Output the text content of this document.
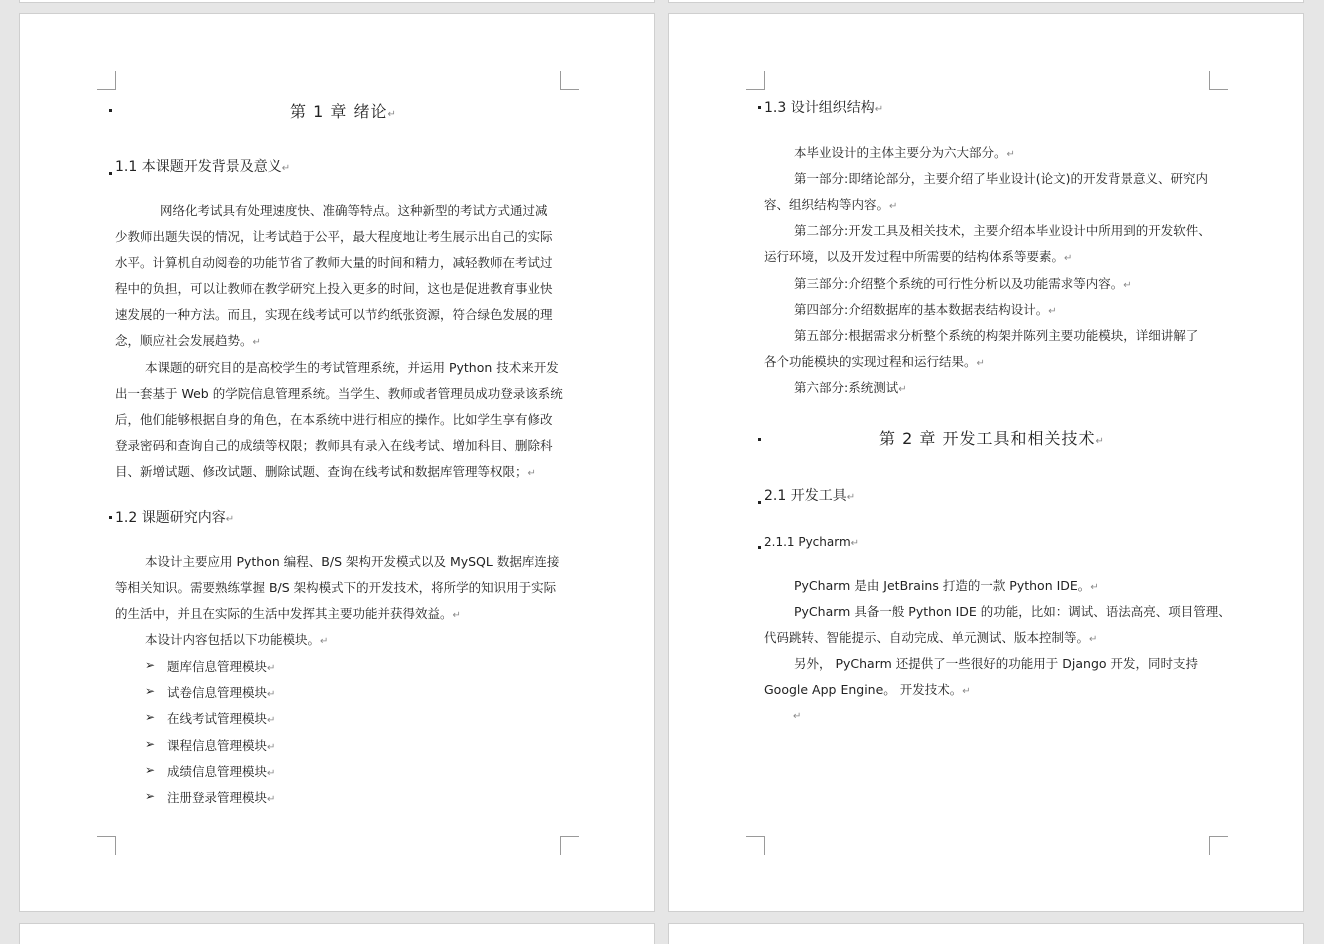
第 1 章 绪论↵
1.1 本课题开发背景及意义↵
网络化考试具有处理速度快、准确等特点。这种新型的考试方式通过减
少教师出题失误的情况，让考试趋于公平，最大程度地让考生展示出自己的实际
水平。计算机自动阅卷的功能节省了教师大量的时间和精力，减轻教师在考试过
程中的负担，可以让教师在教学研究上投入更多的时间，这也是促进教育事业快
速发展的一种方法。而且，实现在线考试可以节约纸张资源，符合绿色发展的理
念，顺应社会发展趋势。↵
本课题的研究目的是高校学生的考试管理系统，并运用 Python 技术来开发
出一套基于 Web 的学院信息管理系统。当学生、教师或者管理员成功登录该系统
后，他们能够根据自身的角色，在本系统中进行相应的操作。比如学生享有修改
登录密码和查询自己的成绩等权限；教师具有录入在线考试、增加科目、删除科
目、新增试题、修改试题、删除试题、查询在线考试和数据库管理等权限；↵
1.2 课题研究内容↵
本设计主要应用 Python 编程、B/S 架构开发模式以及 MySQL 数据库连接
等相关知识。需要熟练掌握 B/S 架构模式下的开发技术，将所学的知识用于实际
的生活中，并且在实际的生活中发挥其主要功能并获得效益。↵
本设计内容包括以下功能模块。↵
➢ 题库信息管理模块↵
➢ 试卷信息管理模块↵
➢ 在线考试管理模块↵
➢ 课程信息管理模块↵
➢ 成绩信息管理模块↵
➢ 注册登录管理模块↵
1.3 设计组织结构↵
本毕业设计的主体主要分为六大部分。↵
第一部分:即绪论部分，主要介绍了毕业设计(论文)的开发背景意义、研究内
容、组织结构等内容。↵
第二部分:开发工具及相关技术，主要介绍本毕业设计中所用到的开发软件、
运行环境，以及开发过程中所需要的结构体系等要素。↵
第三部分:介绍整个系统的可行性分析以及功能需求等内容。↵
第四部分:介绍数据库的基本数据表结构设计。↵
第五部分:根据需求分析整个系统的构架并陈列主要功能模块，详细讲解了
各个功能模块的实现过程和运行结果。↵
第六部分:系统测试↵
第 2 章 开发工具和相关技术↵
2.1 开发工具↵
2.1.1 Pycharm↵
PyCharm 是由 JetBrains 打造的一款 Python IDE。↵
PyCharm 具备一般 Python IDE 的功能，比如：调试、语法高亮、项目管理、
代码跳转、智能提示、自动完成、单元测试、版本控制等。↵
另外， PyCharm 还提供了一些很好的功能用于 Django 开发，同时支持
Google App Engine。 开发技术。↵
↵
